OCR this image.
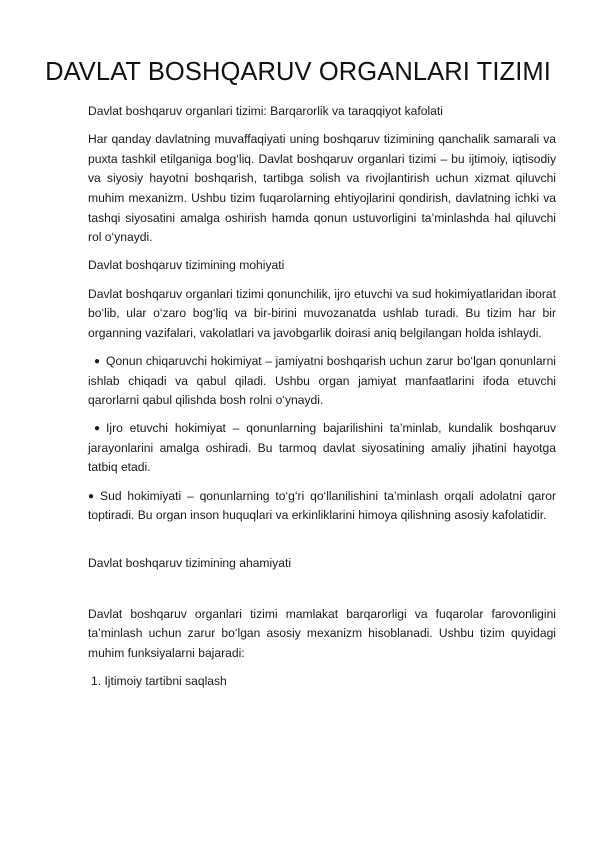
DAVLAT BOSHQARUV ORGANLARI TIZIMI

Davlat boshqaruv organlari tizimi: Barqarorlik va taraqqiyot kafolati

Har qanday davlatning muvaffaqiyati uning boshqaruv tizimining qanchalik samarali va puxta tashkil etilganiga bog‘liq. Davlat boshqaruv organlari tizimi – bu ijtimoiy, iqtisodiy va siyosiy hayotni boshqarish, tartibga solish va rivojlantirish uchun xizmat qiluvchi muhim mexanizm. Ushbu tizim fuqarolarning ehtiyojlarini qondirish, davlatning ichki va tashqi siyosatini amalga oshirish hamda qonun ustuvorligini ta’minlashda hal qiluvchi rol o‘ynaydi.

Davlat boshqaruv tizimining mohiyati

Davlat boshqaruv organlari tizimi qonunchilik, ijro etuvchi va sud hokimiyatlaridan iborat bo‘lib, ular o‘zaro bog‘liq va bir-birini muvozanatda ushlab turadi. Bu tizim har bir organning vazifalari, vakolatlari va javobgarlik doirasi aniq belgilangan holda ishlaydi.

● Qonun chiqaruvchi hokimiyat – jamiyatni boshqarish uchun zarur bo‘lgan qonunlarni ishlab chiqadi va qabul qiladi. Ushbu organ jamiyat manfaatlarini ifoda etuvchi qarorlarni qabul qilishda bosh rolni o‘ynaydi.

● Ijro etuvchi hokimiyat – qonunlarning bajarilishini ta’minlab, kundalik boshqaruv jarayonlarini amalga oshiradi. Bu tarmoq davlat siyosatining amaliy jihatini hayotga tatbiq etadi.

● Sud hokimiyati – qonunlarning to‘g‘ri qo‘llanilishini ta’minlash orqali adolatni qaror toptiradi. Bu organ inson huquqlari va erkinliklarini himoya qilishning asosiy kafolatidir.

Davlat boshqaruv tizimining ahamiyati

Davlat boshqaruv organlari tizimi mamlakat barqarorligi va fuqarolar farovonligini ta’minlash uchun zarur bo‘lgan asosiy mexanizm hisoblanadi. Ushbu tizim quyidagi muhim funksiyalarni bajaradi:

1. Ijtimoiy tartibni saqlash
